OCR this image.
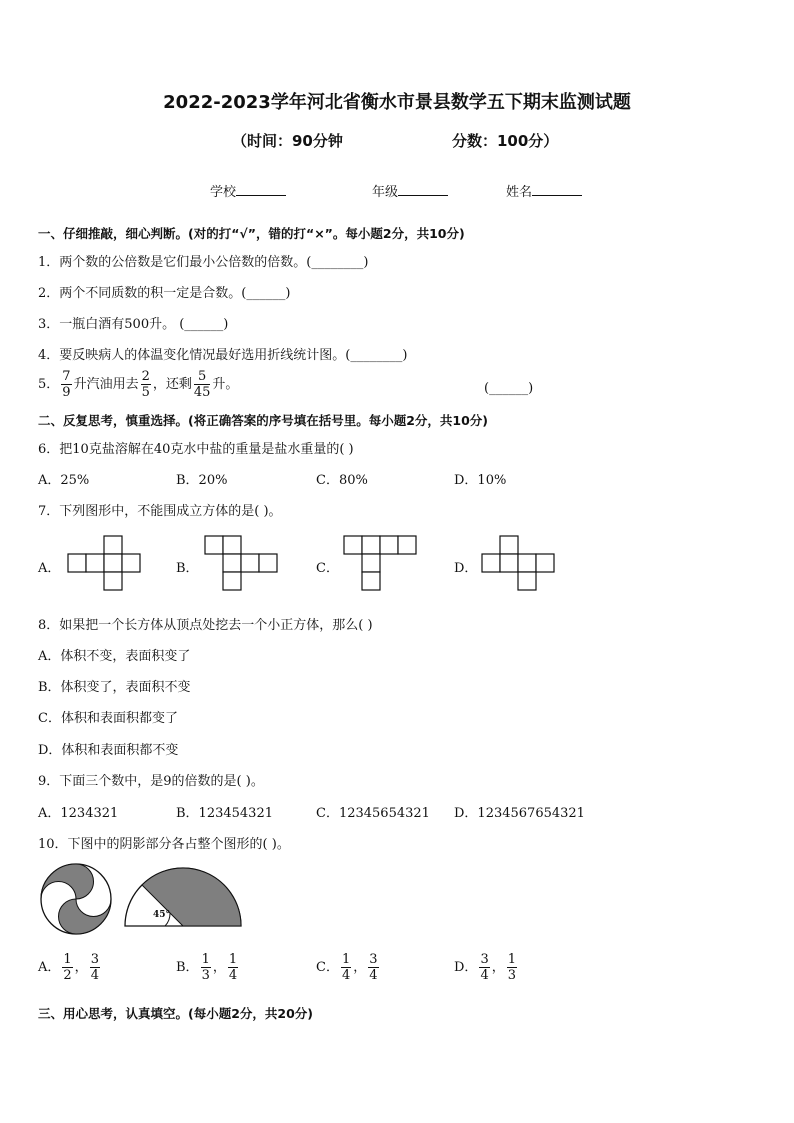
2022-2023学年河北省衡水市景县数学五下期末监测试题
（时间：90分钟	分数：100分）
学校	年级	姓名
一、仔细推敲，细心判断。(对的打“√”，错的打“×”。每小题2分，共10分)
1．两个数的公倍数是它们最小公倍数的倍数。(________)
2．两个不同质数的积一定是合数。(______)
3．一瓶白酒有500升。 (______)
4．要反映病人的体温变化情况最好选用折线统计图。(________)
5． $\frac{7}{9}$ 升汽油用去 $\frac{2}{5}$ ，还剩 $\frac{5}{45}$ 升。	(______)
二、反复思考，慎重选择。(将正确答案的序号填在括号里。每小题2分，共10分)
6．把10克盐溶解在40克水中盐的重量是盐水重量的( )
A．25%	B．20%	C．80%	D．10%
7．下列图形中，不能围成立方体的是( )。
A．	B．	C．	D．
8．如果把一个长方体从顶点处挖去一个小正方体，那么( )
A．体积不变，表面积变了
B．体积变了，表面积不变
C．体积和表面积都变了
D．体积和表面积都不变
9．下面三个数中，是9的倍数的是( )。
A．1234321	B．123454321	C．12345654321 D．1234567654321
10．下图中的阴影部分各占整个图形的( )。
45°
A． $\frac{1}{2}$ ， $\frac{3}{4}$	B． $\frac{1}{3}$ ， $\frac{1}{4}$	C． $\frac{1}{4}$ ， $\frac{3}{4}$	D． $\frac{3}{4}$ ， $\frac{1}{3}$
三、用心思考，认真填空。(每小题2分，共20分)
